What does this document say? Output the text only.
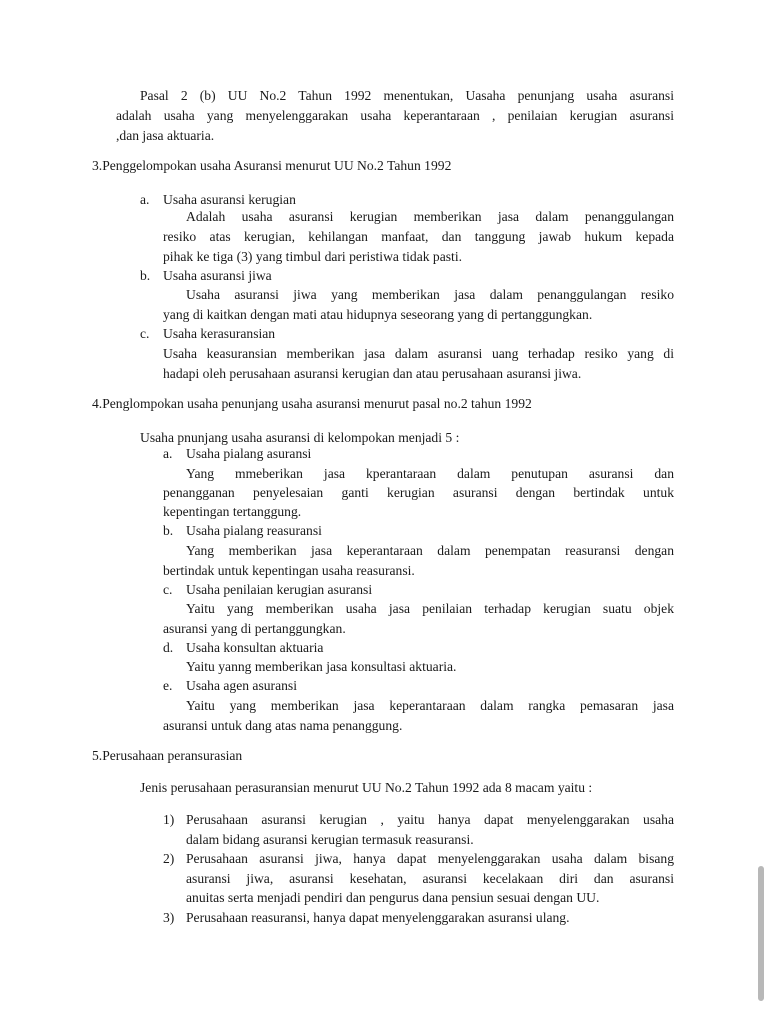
Pasal 2 (b) UU No.2 Tahun 1992 menentukan, Uasaha penunjang usaha asuransi
adalah usaha yang menyelenggarakan usaha keperantaraan , penilaian kerugian asuransi
,dan jasa aktuaria.
3.Penggelompokan usaha Asuransi menurut UU No.2 Tahun 1992
a. Usaha asuransi kerugian
Adalah usaha asuransi kerugian memberikan jasa dalam penanggulangan
resiko atas kerugian, kehilangan manfaat, dan tanggung jawab hukum kepada
pihak ke tiga (3) yang timbul dari peristiwa tidak pasti.
b. Usaha asuransi jiwa
Usaha asuransi jiwa yang memberikan jasa dalam penanggulangan resiko
yang di kaitkan dengan mati atau hidupnya seseorang yang di pertanggungkan.
c. Usaha kerasuransian
Usaha keasuransian memberikan jasa dalam asuransi uang terhadap resiko yang di
hadapi oleh perusahaan asuransi kerugian dan atau perusahaan asuransi jiwa.
4.Penglompokan usaha penunjang usaha asuransi menurut pasal no.2 tahun 1992
Usaha pnunjang usaha asuransi di kelompokan menjadi 5 :
a. Usaha pialang asuransi
Yang mmeberikan jasa kperantaraan dalam penutupan asuransi dan
penangganan penyelesaian ganti kerugian asuransi dengan bertindak untuk
kepentingan tertanggung.
b. Usaha pialang reasuransi
Yang memberikan jasa keperantaraan dalam penempatan reasuransi dengan
bertindak untuk kepentingan usaha reasuransi.
c. Usaha penilaian kerugian asuransi
Yaitu yang memberikan usaha jasa penilaian terhadap kerugian suatu objek
asuransi yang di pertanggungkan.
d. Usaha konsultan aktuaria
Yaitu yanng memberikan jasa konsultasi aktuaria.
e. Usaha agen asuransi
Yaitu yang memberikan jasa keperantaraan dalam rangka pemasaran jasa
asuransi untuk dang atas nama penanggung.
5.Perusahaan peransurasian
Jenis perusahaan perasuransian menurut UU No.2 Tahun 1992 ada 8 macam yaitu :
1) Perusahaan asuransi kerugian , yaitu hanya dapat menyelenggarakan usaha
dalam bidang asuransi kerugian termasuk reasuransi.
2) Perusahaan asuransi jiwa, hanya dapat menyelenggarakan usaha dalam bisang
asuransi jiwa, asuransi kesehatan, asuransi kecelakaan diri dan asuransi
anuitas serta menjadi pendiri dan pengurus dana pensiun sesuai dengan UU.
3) Perusahaan reasuransi, hanya dapat menyelenggarakan asuransi ulang.
